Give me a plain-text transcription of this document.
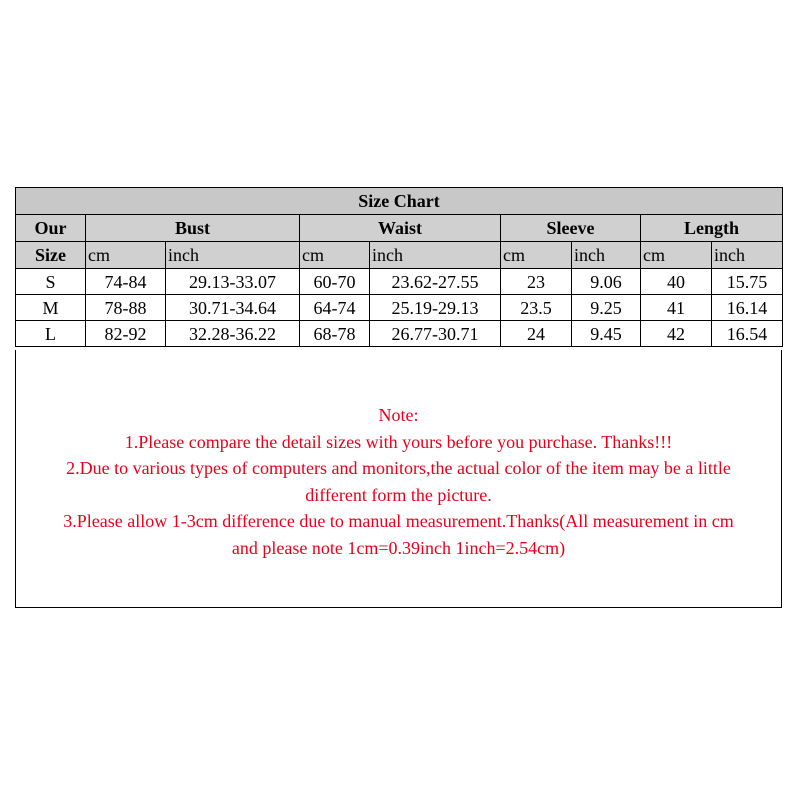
Size Chart								
Our	Bust		Waist		Sleeve		Length	
Size	cm	inch	cm	inch	cm	inch	cm	inch
S	74-84	29.13-33.07	60-70	23.62-27.55	23	9.06	40	15.75
M	78-88	30.71-34.64	64-74	25.19-29.13	23.5	9.25	41	16.14
L	82-92	32.28-36.22	68-78	26.77-30.71	24	9.45	42	16.54
Note:
1.Please compare the detail sizes with yours before you purchase. Thanks!!!
2.Due to various types of computers and monitors,the actual color of the item may be a little
different form the picture.
3.Please allow 1-3cm difference due to manual measurement.Thanks(All measurement in cm
and please note 1cm=0.39inch 1inch=2.54cm)
